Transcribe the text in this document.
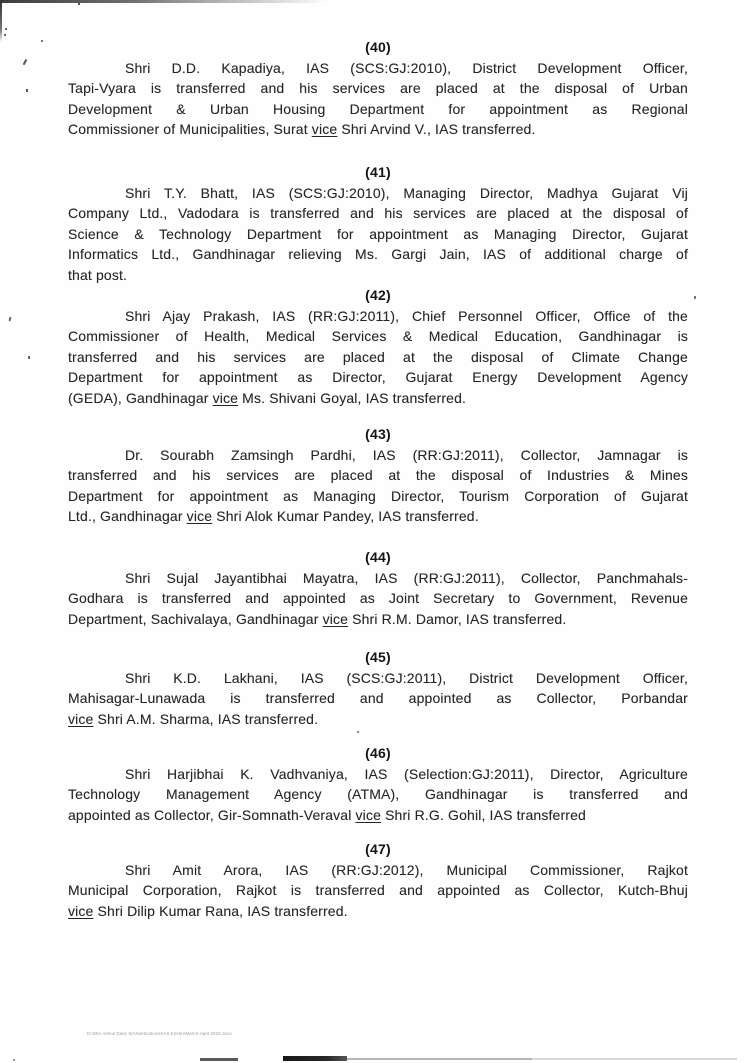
(40)
Shri D.D. Kapadiya, IAS (SCS:GJ:2010), District Development Officer,
Tapi-Vyara is transferred and his services are placed at the disposal of Urban
Development & Urban Housing Department for appointment as Regional
Commissioner of Municipalities, Surat vice Shri Arvind V., IAS transferred.
(41)
Shri T.Y. Bhatt, IAS (SCS:GJ:2010), Managing Director, Madhya Gujarat Vij
Company Ltd., Vadodara is transferred and his services are placed at the disposal of
Science & Technology Department for appointment as Managing Director, Gujarat
Informatics Ltd., Gandhinagar relieving Ms. Gargi Jain, IAS of additional charge of
that post.
(42)
Shri Ajay Prakash, IAS (RR:GJ:2011), Chief Personnel Officer, Office of the
Commissioner of Health, Medical Services & Medical Education, Gandhinagar is
transferred and his services are placed at the disposal of Climate Change
Department for appointment as Director, Gujarat Energy Development Agency
(GEDA), Gandhinagar vice Ms. Shivani Goyal, IAS transferred.
(43)
Dr. Sourabh Zamsingh Pardhi, IAS (RR:GJ:2011), Collector, Jamnagar is
transferred and his services are placed at the disposal of Industries & Mines
Department for appointment as Managing Director, Tourism Corporation of Gujarat
Ltd., Gandhinagar vice Shri Alok Kumar Pandey, IAS transferred.
(44)
Shri Sujal Jayantibhai Mayatra, IAS (RR:GJ:2011), Collector, Panchmahals-
Godhara is transferred and appointed as Joint Secretary to Government, Revenue
Department, Sachivalaya, Gandhinagar vice Shri R.M. Damor, IAS transferred.
(45)
Shri K.D. Lakhani, IAS (SCS:GJ:2011), District Development Officer,
Mahisagar-Lunawada is transferred and appointed as Collector, Porbandar
vice Shri A.M. Sharma, IAS transferred.
(46)
Shri Harjibhai K. Vadhvaniya, IAS (Selection:GJ:2011), Director, Agriculture
Technology Management Agency (ATMA), Gandhinagar is transferred and
appointed as Collector, Gir-Somnath-Veraval vice Shri R.G. Gohil, IAS transferred
(47)
Shri Amit Arora, IAS (RR:GJ:2012), Municipal Commissioner, Rajkot
Municipal Corporation, Rajkot is transferred and appointed as Collector, Kutch-Bhuj
vice Shri Dilip Kumar Rana, IAS transferred.
D:\Shri Ashok Dave Sir\Notifications\IAS trnsfer\March-April 2023.docx
